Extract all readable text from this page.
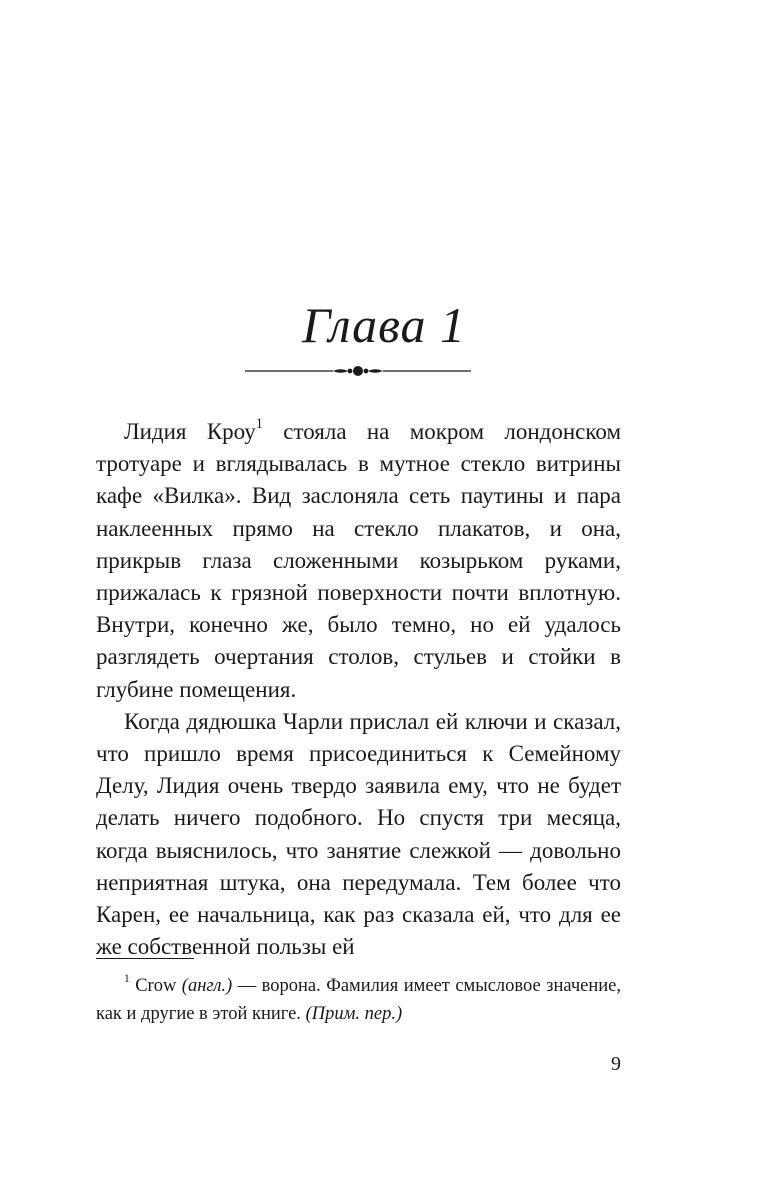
Глава 1

Лидия Кроу$^1$ стояла на мокром лондонском тротуаре и вглядывалась в мутное стекло витрины кафе «Вилка». Вид заслоняла сеть паутины и пара наклеенных прямо на стекло плакатов, и она, прикрыв глаза сложенными козырьком руками, прижалась к грязной поверхности почти вплотную. Внутри, конечно же, было темно, но ей удалось разглядеть очертания столов, стульев и стойки в глубине помещения.

Когда дядюшка Чарли прислал ей ключи и сказал, что пришло время присоединиться к Семейному Делу, Лидия очень твердо заявила ему, что не будет делать ничего подобного. Но спустя три месяца, когда выяснилось, что занятие слежкой — довольно неприятная штука, она передумала. Тем более что Карен, ее начальница, как раз сказала ей, что для ее же собственной пользы ей

$^1$ Crow (англ.) — ворона. Фамилия имеет смысловое значение, как и другие в этой книге. (Прим. пер.)
9
